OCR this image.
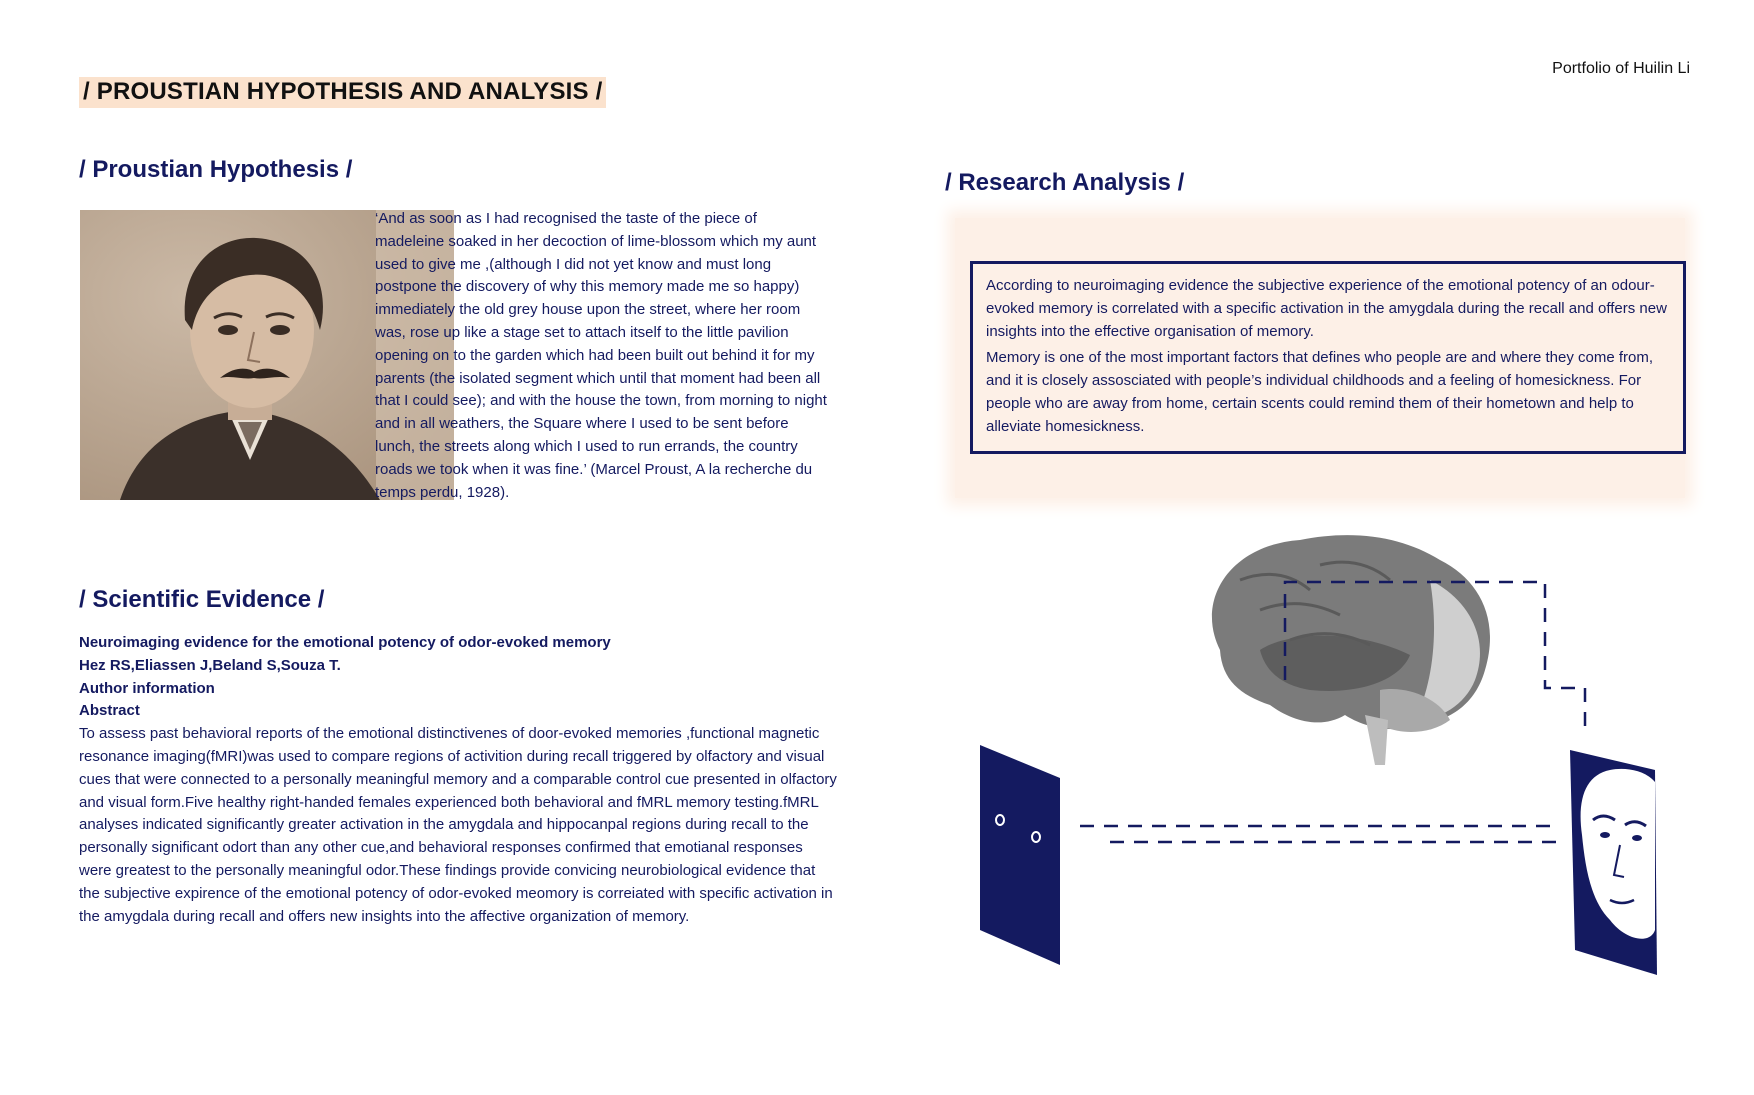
Portfolio of Huilin Li
/ PROUSTIAN HYPOTHESIS AND ANALYSIS /
/ Proustian Hypothesis /
‘And as soon as I had recognised the taste of the piece of madeleine soaked in her decoction of lime-blossom which my aunt used to give me ,(although I did not yet know and must long postpone the discovery of why this memory made me so happy) immediately the old grey house upon the street, where her room was, rose up like a stage set to attach itself to the little pavilion opening on to the garden which had been built out behind it for my parents (the isolated segment which until that moment had been all that I could see); and with the house the town, from morning to night and in all weathers, the Square where I used to be sent before lunch, the streets along which I used to run errands, the country roads we took when it was fine.’ (Marcel Proust, A la recherche du temps perdu, 1928).
/ Scientific Evidence /
Neuroimaging evidence for the emotional potency of odor-evoked memory
Hez RS,Eliassen J,Beland S,Souza T.
Author information
Abstract
To assess past behavioral reports of the emotional distinctivenes of door-evoked memories ,functional magnetic resonance imaging(fMRI)was used to compare regions of activition during recall triggered by olfactory and visual cues that were connected to a personally meaningful memory and a comparable control cue presented in olfactory and visual form.Five healthy right-handed females experienced both behavioral and fMRL memory testing.fMRL analyses indicated significantly greater activation in the amygdala and hippocanpal regions during recall to the personally significant odort than any other cue,and behavioral responses confirmed that emotianal responses were greatest to the personally meaningful odor.These findings provide convicing neurobiological evidence that the subjective expirence of the emotional potency of odor-evoked meomory is correiated with specific activation in the amygdala during recall and offers new insights into the affective organization of memory.
/ Research Analysis /

According to neuroimaging evidence the subjective experience of the emotional potency of an odour-evoked memory is correlated with a specific activation in the amygdala during the recall and offers new insights into the effective organisation of memory.

Memory is one of the most important factors that defines who people are and where they come from, and it is closely assosciated with people’s individual childhoods and a feeling of homesickness. For people who are away from home, certain scents could remind them of their hometown and help to alleviate homesickness.
